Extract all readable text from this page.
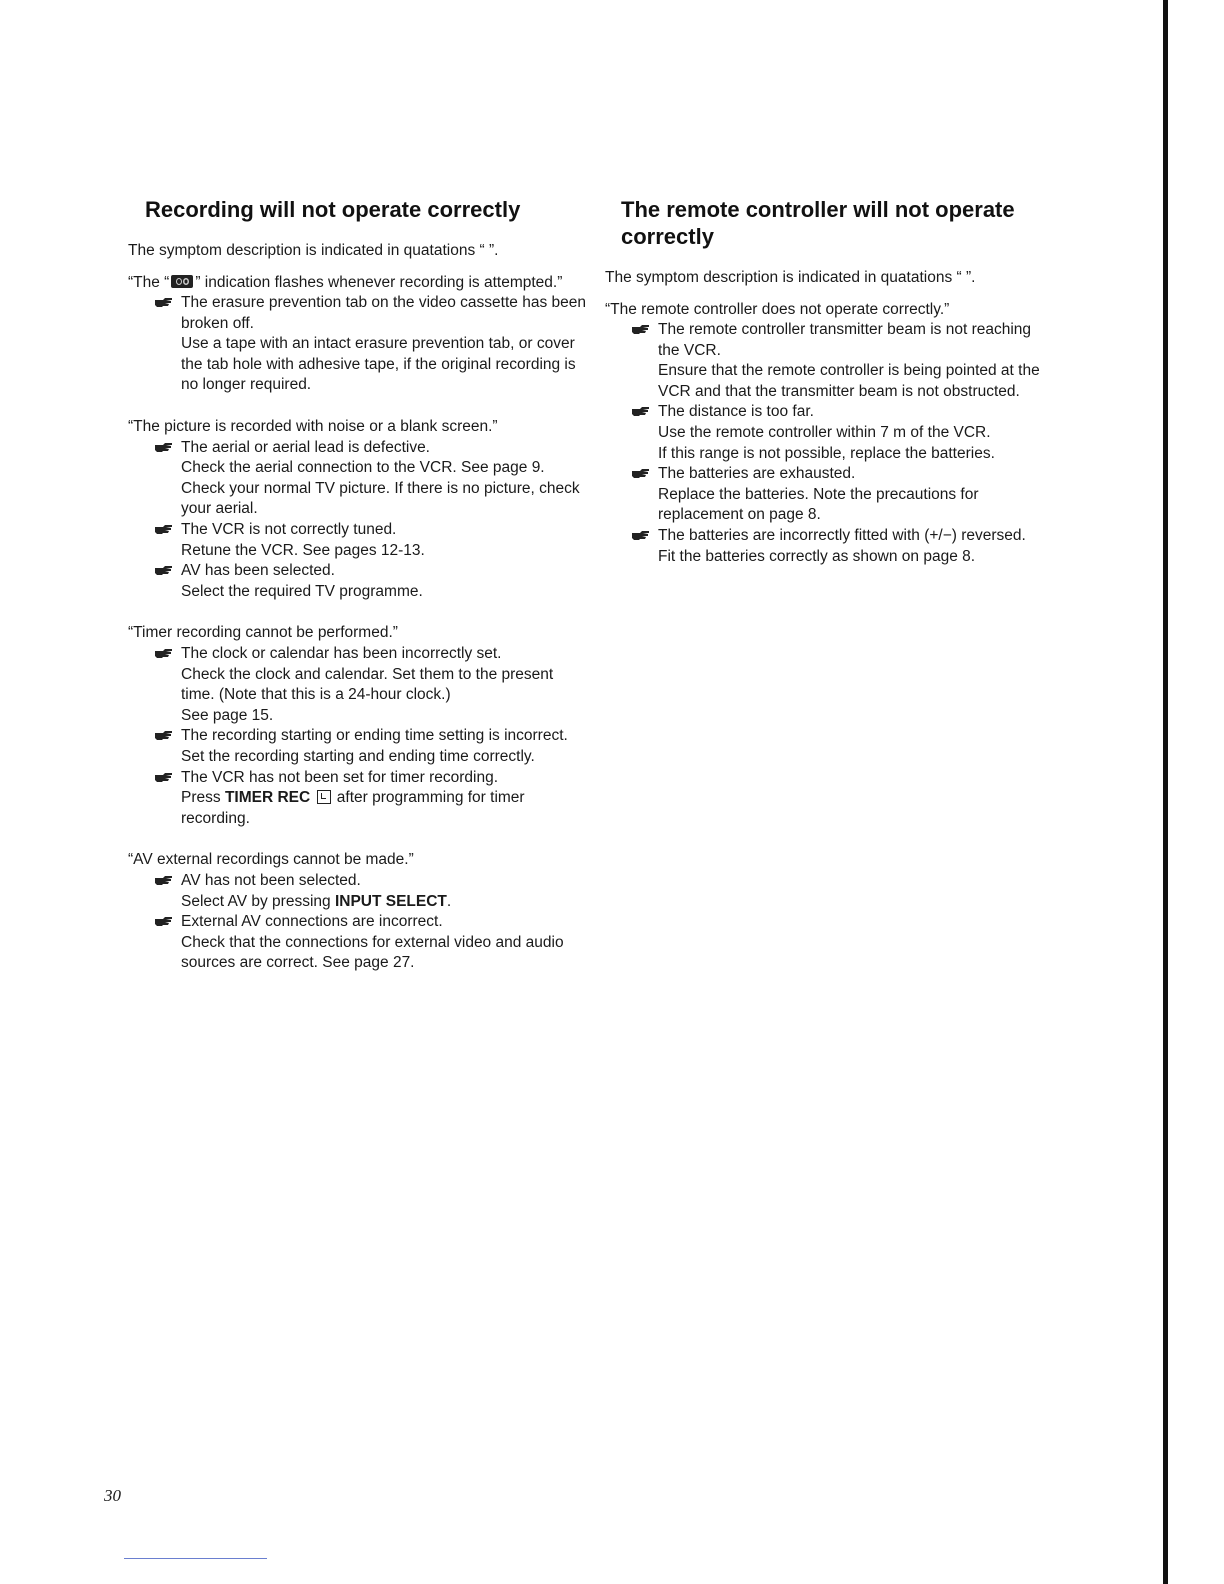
Recording will not operate correctly

The symptom description is indicated in quatations “ ”.

“The “ ” indication flashes whenever recording is attempted.”

The erasure prevention tab on the video cassette has been broken off.
Use a tape with an intact erasure prevention tab, or cover the tab hole with adhesive tape, if the original recording is no longer required.

“The picture is recorded with noise or a blank screen.”

The aerial or aerial lead is defective.
Check the aerial connection to the VCR. See page 9.
Check your normal TV picture. If there is no picture, check your aerial.
The VCR is not correctly tuned.
Retune the VCR. See pages 12-13.
AV has been selected.
Select the required TV programme.

“Timer recording cannot be performed.”

The clock or calendar has been incorrectly set.
Check the clock and calendar. Set them to the present time. (Note that this is a 24-hour clock.)
See page 15.
The recording starting or ending time setting is incorrect.
Set the recording starting and ending time correctly.
The VCR has not been set for timer recording.
Press TIMER REC  after programming for timer recording.

“AV external recordings cannot be made.”

AV has not been selected.
Select AV by pressing INPUT SELECT.
External AV connections are incorrect.
Check that the connections for external video and audio sources are correct. See page 27.
The remote controller will not operate correctly

The symptom description is indicated in quatations “ ”.

“The remote controller does not operate correctly.”

The remote controller transmitter beam is not reaching the VCR.
Ensure that the remote controller is being pointed at the VCR and that the transmitter beam is not obstructed.
The distance is too far.
Use the remote controller within 7 m of the VCR.
If this range is not possible, replace the batteries.
The batteries are exhausted.
Replace the batteries. Note the precautions for replacement on page 8.
The batteries are incorrectly fitted with (+/−) reversed.
Fit the batteries correctly as shown on page 8.
30
